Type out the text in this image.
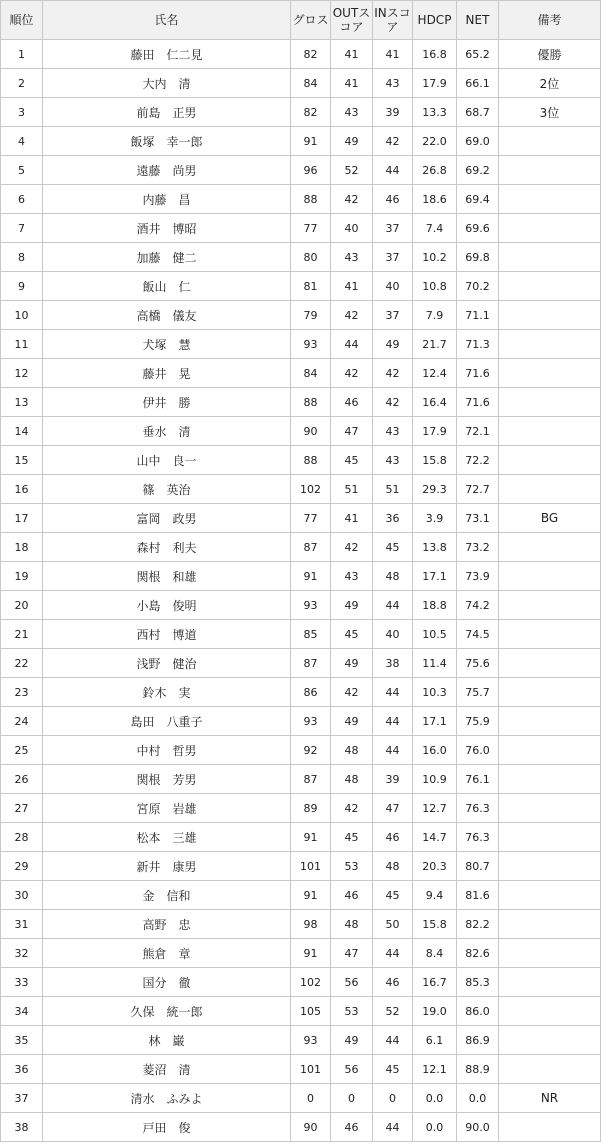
順位	氏名	グロス	OUTスコア	INスコア	HDCP	NET	備考
1	藤田　仁二見	82	41	41	16.8	65.2	優勝
2	大内　清	84	41	43	17.9	66.1	2位
3	前島　正男	82	43	39	13.3	68.7	3位
4	飯塚　幸一郎	91	49	42	22.0	69.0	
5	遠藤　尚男	96	52	44	26.8	69.2	
6	内藤　昌	88	42	46	18.6	69.4	
7	酒井　博昭	77	40	37	7.4	69.6	
8	加藤　健二	80	43	37	10.2	69.8	
9	飯山　仁	81	41	40	10.8	70.2	
10	高橋　儀友	79	42	37	7.9	71.1	
11	犬塚　慧	93	44	49	21.7	71.3	
12	藤井　晃	84	42	42	12.4	71.6	
13	伊井　勝	88	46	42	16.4	71.6	
14	垂水　清	90	47	43	17.9	72.1	
15	山中　良一	88	45	43	15.8	72.2	
16	篠　英治	102	51	51	29.3	72.7	
17	富岡　政男	77	41	36	3.9	73.1	BG
18	森村　利夫	87	42	45	13.8	73.2	
19	関根　和雄	91	43	48	17.1	73.9	
20	小島　俊明	93	49	44	18.8	74.2	
21	西村　博道	85	45	40	10.5	74.5	
22	浅野　健治	87	49	38	11.4	75.6	
23	鈴木　実	86	42	44	10.3	75.7	
24	島田　八重子	93	49	44	17.1	75.9	
25	中村　哲男	92	48	44	16.0	76.0	
26	関根　芳男	87	48	39	10.9	76.1	
27	宮原　岩雄	89	42	47	12.7	76.3	
28	松本　三雄	91	45	46	14.7	76.3	
29	新井　康男	101	53	48	20.3	80.7	
30	金　信和	91	46	45	9.4	81.6	
31	高野　忠	98	48	50	15.8	82.2	
32	熊倉　章	91	47	44	8.4	82.6	
33	国分　徹	102	56	46	16.7	85.3	
34	久保　統一郎	105	53	52	19.0	86.0	
35	林　巌	93	49	44	6.1	86.9	
36	菱沼　清	101	56	45	12.1	88.9	
37	清水　ふみよ	0	0	0	0.0	0.0	NR
38	戸田　俊	90	46	44	0.0	90.0	
